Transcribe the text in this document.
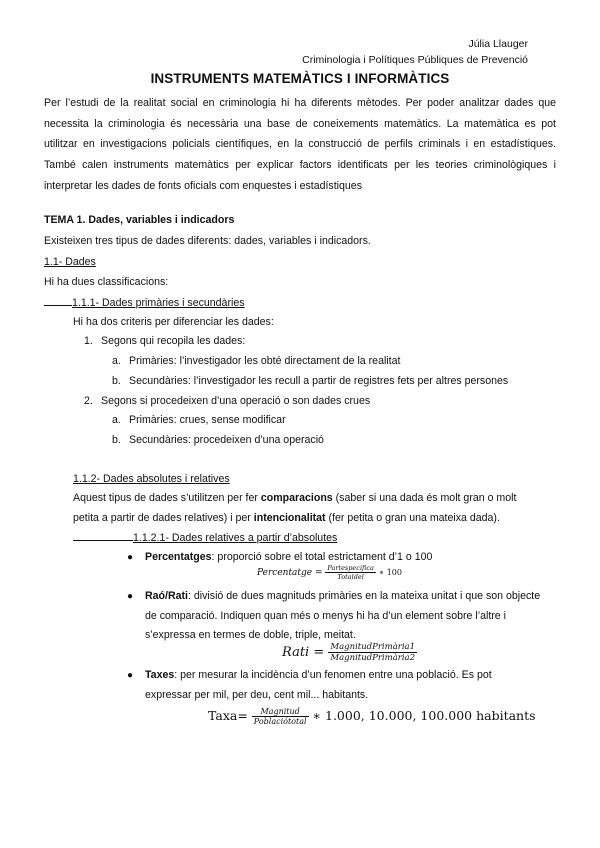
Júlia Llauger
Criminologia i Polítiques Públiques de Prevenció
INSTRUMENTS MATEMÀTICS I INFORMÀTICS
Per l’estudi de la realitat social en criminologia hi ha diferents mètodes. Per poder analitzar dades que necessita la criminologia és necessària una base de coneixements matemàtics. La matemàtica es pot utilitzar en investigacions policials científiques, en la construcció de perfils criminals i en estadístiques. També calen instruments matemàtics per explicar factors identificats per les teories criminològiques i interpretar les dades de fonts oficials com enquestes i estadístiques
TEMA 1. Dades, variables i indicadors
Existeixen tres tipus de dades diferents: dades, variables i indicadors.
1.1- Dades
Hi ha dues classificacions:
1.1.1- Dades primàries i secundàries
Hi ha dos criteris per diferenciar les dades:
1. Segons qui recopila les dades:
a. Primàries: l’investigador les obté directament de la realitat
b. Secundàries: l’investigador les recull a partir de registres fets per altres persones
2. Segons si procedeixen d’una operació o son dades crues
a. Primàries: crues, sense modificar
b. Secundàries: procedeixen d’una operació
1.1.2- Dades absolutes i relatives
Aquest tipus de dades s’utilitzen per fer comparacions (saber si una dada és molt gran o molt
petita a partir de dades relatives) i per intencionalitat (fer petita o gran una mateixa dada).
1.1.2.1- Dades relatives a partir d’absolutes
● Percentatges: proporció sobre el total estrictament d’1 o 100
Percentatge = $\frac{\text{Partespecífica}}{\text{Totaldel}}$ ∗ 100
● Raó/Rati: divisió de dues magnituds primàries en la mateixa unitat i que son objecte
de comparació. Indiquen quan més o menys hi ha d’un element sobre l’altre i
s’expressa en termes de doble, triple, meitat.
Rati = $\frac{\text{MagnitudPrimària1}}{\text{MagnitudPrimària2}}$
● Taxes: per mesurar la incidència d’un fenomen entre una població. Es pot
expressar per mil, per deu, cent mil... habitants.
Taxa= $\frac{\text{Magnitud}}{\text{Poblaciótotal}}$ ∗ 1.000, 10.000, 100.000 habitants
